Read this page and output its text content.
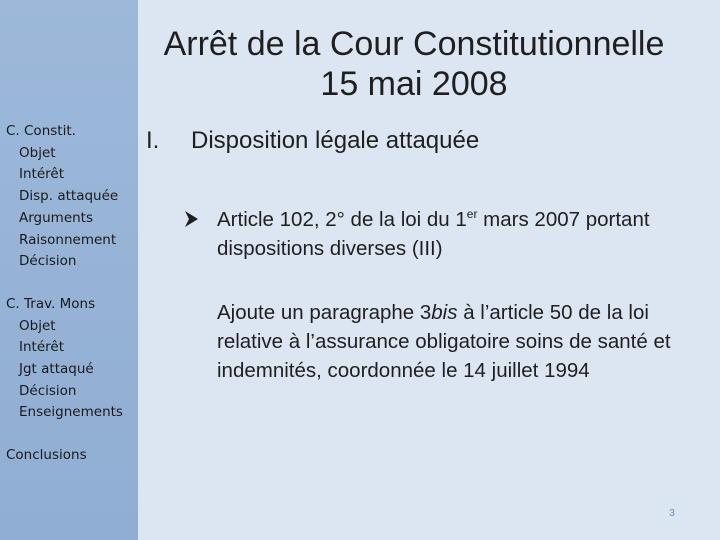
C. Constit.
Objet
Intérêt
Disp. attaquée
Arguments
Raisonnement
Décision
C. Trav. Mons
Objet
Intérêt
Jgt attaqué
Décision
Enseignements
Conclusions
Arrêt de la Cour Constitutionnelle
15 mai 2008
I. Disposition légale attaquée
Article 102, 2° de la loi du 1er mars 2007 portant dispositions diverses (III)

Ajoute un paragraphe 3bis à l’article 50 de la loi relative à l’assurance obligatoire soins de santé et indemnités, coordonnée le 14 juillet 1994

3
